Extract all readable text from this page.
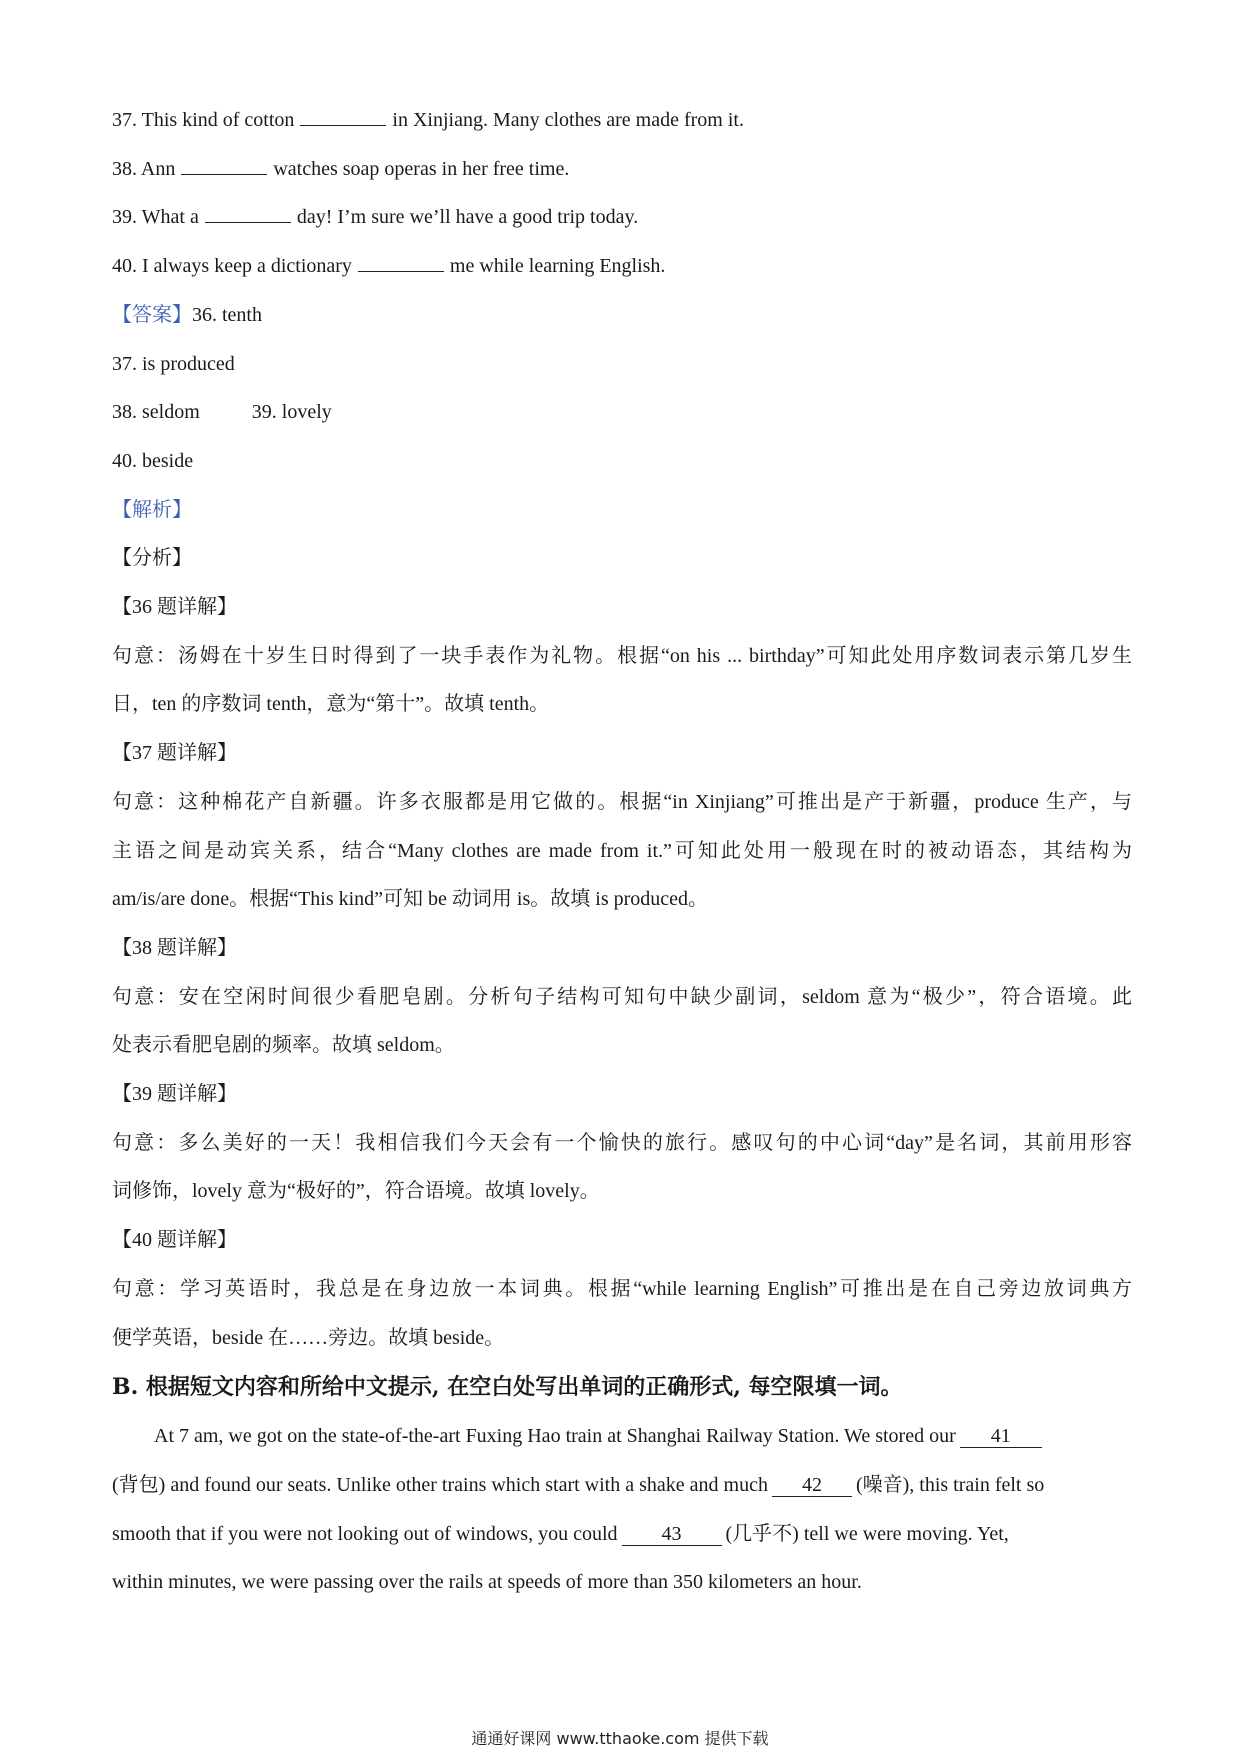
37. This kind of cotton	in Xinjiang. Many clothes are made from it.
38. Ann	watches soap operas in her free time.
39. What a	day! I’m sure we’ll have a good trip today.
40. I always keep a dictionary	me while learning English.
【答案】36. tenth
37. is produced
38. seldom	39. lovely
40. beside
【解析】
【分析】
【36 题详解】
句意：汤姆在十岁生日时得到了一块手表作为礼物。根据“on his ... birthday”可知此处用序数词表示第几岁生
日，ten 的序数词 tenth，意为“第十”。故填 tenth。
【37 题详解】
句意：这种棉花产自新疆。许多衣服都是用它做的。根据“in Xinjiang”可推出是产于新疆，produce 生产，与
主语之间是动宾关系，结合“Many clothes are made from it.”可知此处用一般现在时的被动语态，其结构为
am/is/are done。根据“This kind”可知 be 动词用 is。故填 is produced。
【38 题详解】
句意：安在空闲时间很少看肥皂剧。分析句子结构可知句中缺少副词，seldom 意为“极少”，符合语境。此
处表示看肥皂剧的频率。故填 seldom。
【39 题详解】
句意：多么美好的一天！我相信我们今天会有一个愉快的旅行。感叹句的中心词“day”是名词，其前用形容
词修饰，lovely 意为“极好的”，符合语境。故填 lovely。
【40 题详解】
句意：学习英语时，我总是在身边放一本词典。根据“while learning English”可推出是在自己旁边放词典方
便学英语，beside 在……旁边。故填 beside。
B. 根据短文内容和所给中文提示, 在空白处写出单词的正确形式, 每空限填一词。
At 7 am, we got on the state-of-the-art Fuxing Hao train at Shanghai Railway Station. We stored our 41
(背包) and found our seats. Unlike other trains which start with a shake and much 42 (噪音), this train felt so
smooth that if you were not looking out of windows, you could 43 (几乎不) tell we were moving. Yet,
within minutes, we were passing over the rails at speeds of more than 350 kilometers an hour.
通通好课网 www.tthaoke.com 提供下载
